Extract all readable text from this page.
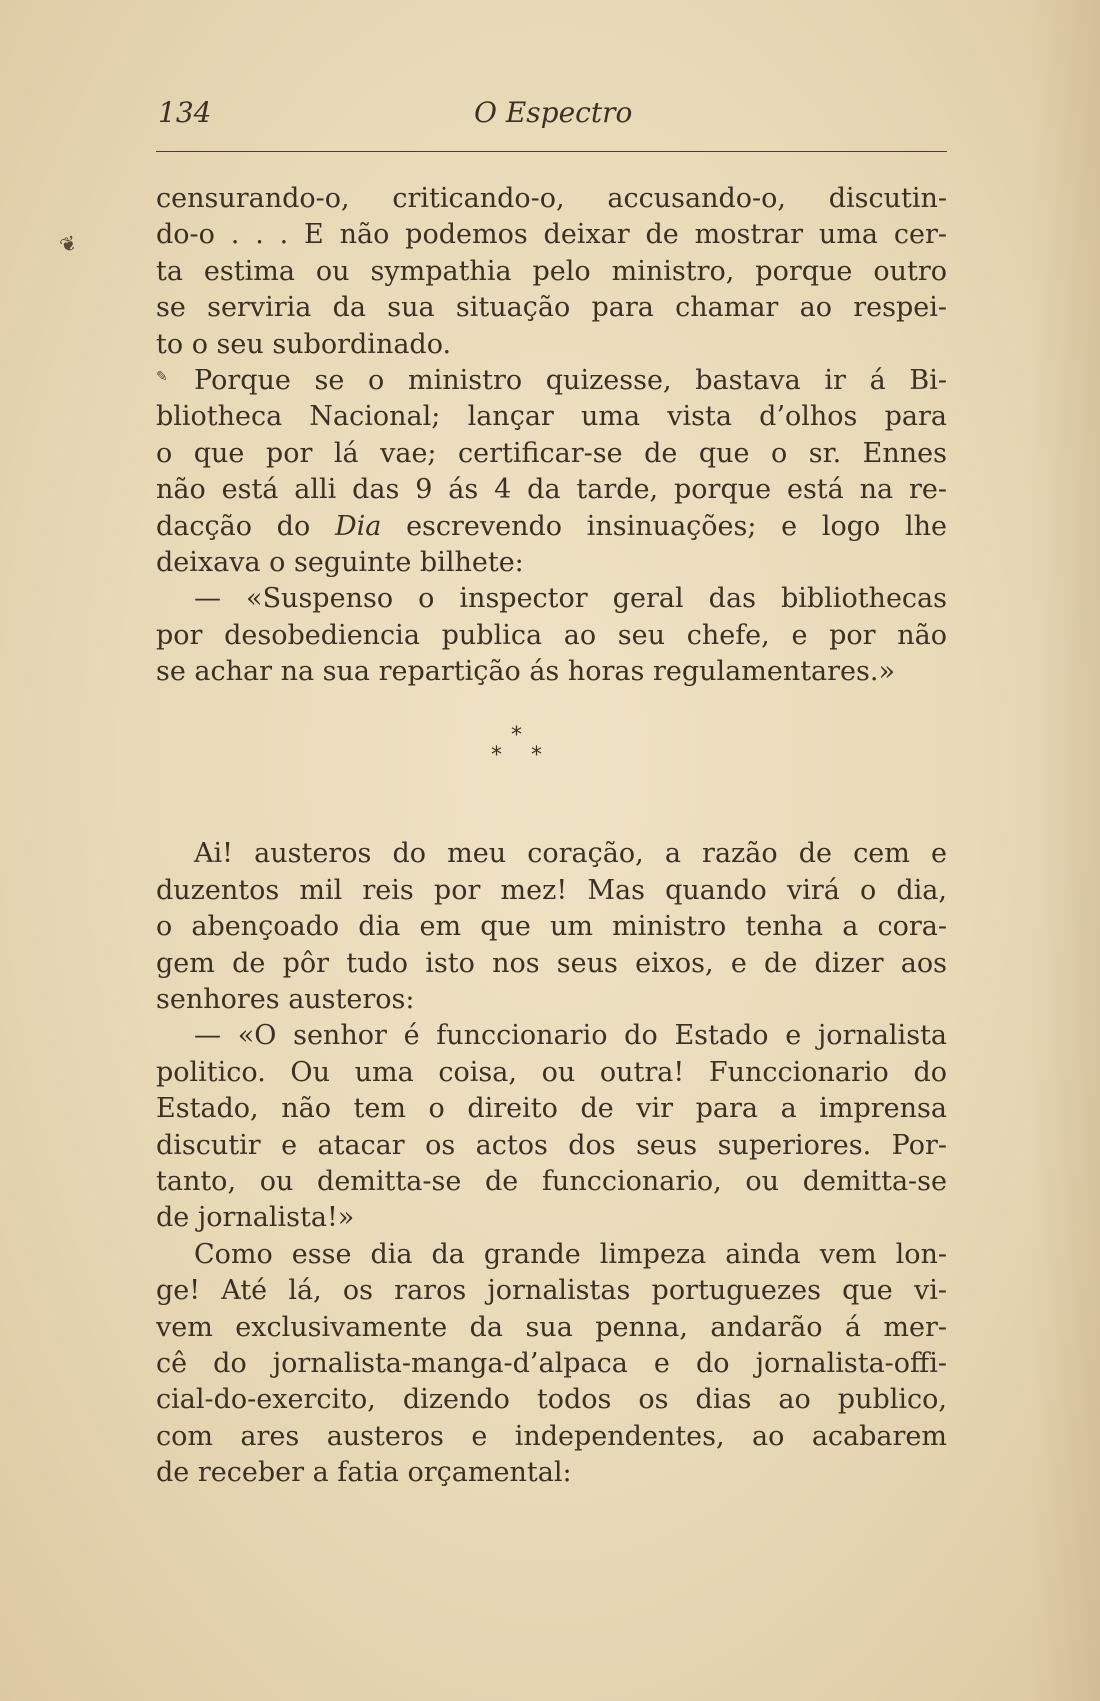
❦
✎
134	O Espectro
censurando-o, criticando-o, accusando-o, discutin-
do-o . . . E não podemos deixar de mostrar uma cer-
ta estima ou sympathia pelo ministro, porque outro
se serviria da sua situação para chamar ao respei-
to o seu subordinado.
Porque se o ministro quizesse, bastava ir á Bi-
bliotheca Nacional; lançar uma vista d’olhos para
o que por lá vae; certificar-se de que o sr. Ennes
não está alli das 9 ás 4 da tarde, porque está na re-
dacção do Dia escrevendo insinuações; e logo lhe
deixava o seguinte bilhete:
— «Suspenso o inspector geral das bibliothecas
por desobediencia publica ao seu chefe, e por não
se achar na sua repartição ás horas regulamentares.»
*
* *
Ai! austeros do meu coração, a razão de cem e
duzentos mil reis por mez! Mas quando virá o dia,
o abençoado dia em que um ministro tenha a cora-
gem de pôr tudo isto nos seus eixos, e de dizer aos
senhores austeros:
— «O senhor é funccionario do Estado e jornalista
politico. Ou uma coisa, ou outra! Funccionario do
Estado, não tem o direito de vir para a imprensa
discutir e atacar os actos dos seus superiores. Por-
tanto, ou demitta-se de funccionario, ou demitta-se
de jornalista!»
Como esse dia da grande limpeza ainda vem lon-
ge! Até lá, os raros jornalistas portuguezes que vi-
vem exclusivamente da sua penna, andarão á mer-
cê do jornalista-manga-d’alpaca e do jornalista-offi-
cial-do-exercito, dizendo todos os dias ao publico,
com ares austeros e independentes, ao acabarem
de receber a fatia orçamental:
